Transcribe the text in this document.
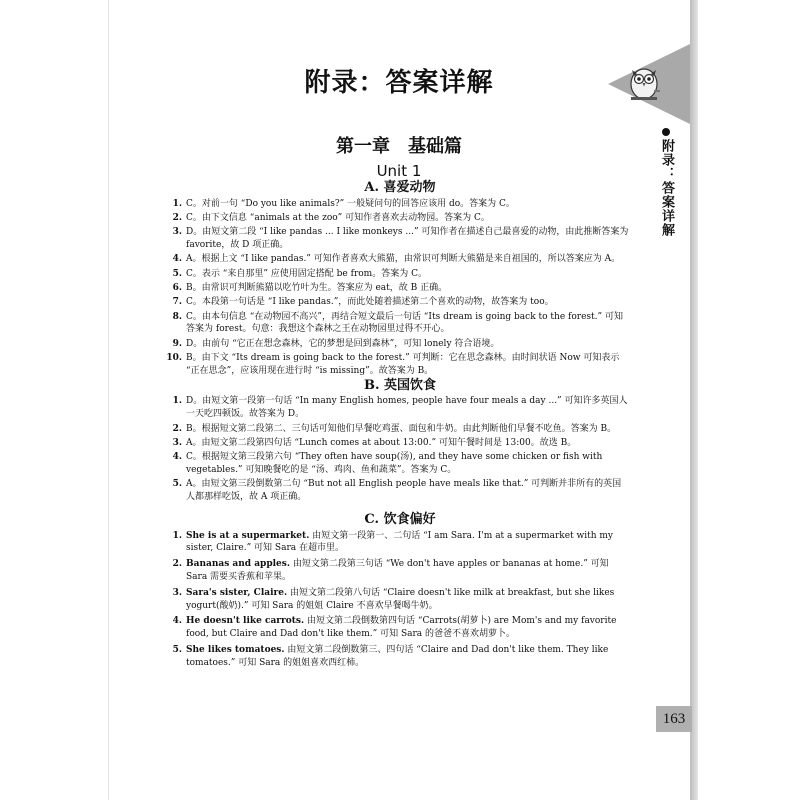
附录：答案详解
163
附录：答案详解
第一章　基础篇
Unit 1
A. 喜爱动物
1. C。对前一句 “Do you like animals?” 一般疑问句的回答应该用 do。答案为 C。
2. C。由下文信息 “animals at the zoo” 可知作者喜欢去动物园。答案为 C。
3. D。由短文第二段 “I like pandas ... I like monkeys ...” 可知作者在描述自己最喜爱的动物，由此推断答案为 favorite，故 D 项正确。
4. A。根据上文 “I like pandas.” 可知作者喜欢大熊猫，由常识可判断大熊猫是来自祖国的，所以答案应为 A。
5. C。表示 “来自那里” 应使用固定搭配 be from。答案为 C。
6. B。由常识可判断熊猫以吃竹叶为生。答案应为 eat，故 B 正确。
7. C。本段第一句话是 “I like pandas.”，而此处随着描述第二个喜欢的动物，故答案为 too。
8. C。由本句信息 “在动物园不高兴”，再结合短文最后一句话 “Its dream is going back to the forest.” 可知答案为 forest。句意：我想这个森林之王在动物园里过得不开心。
9. D。由前句 “它正在想念森林，它的梦想是回到森林”，可知 lonely 符合语境。
10. B。由下文 “Its dream is going back to the forest.” 可判断：它在思念森林。由时间状语 Now 可知表示 “正在思念”，应该用现在进行时 “is missing”。故答案为 B。
B. 英国饮食
1. D。由短文第一段第一句话 “In many English homes, people have four meals a day ...” 可知许多英国人一天吃四顿饭。故答案为 D。
2. B。根据短文第二段第二、三句话可知他们早餐吃鸡蛋、面包和牛奶。由此判断他们早餐不吃鱼。答案为 B。
3. A。由短文第二段第四句话 “Lunch comes at about 13:00.” 可知午餐时间是 13:00。故选 B。
4. C。根据短文第三段第六句 “They often have soup(汤), and they have some chicken or fish with vegetables.” 可知晚餐吃的是 “汤、鸡肉、鱼和蔬菜”。答案为 C。
5. A。由短文第三段倒数第二句 “But not all English people have meals like that.” 可判断并非所有的英国人都那样吃饭，故 A 项正确。
C. 饮食偏好
1. She is at a supermarket. 由短文第一段第一、二句话 “I am Sara. I'm at a supermarket with my sister, Claire.” 可知 Sara 在超市里。
2. Bananas and apples. 由短文第二段第三句话 “We don't have apples or bananas at home.” 可知 Sara 需要买香蕉和苹果。
3. Sara's sister, Claire. 由短文第二段第八句话 “Claire doesn't like milk at breakfast, but she likes yogurt(酸奶).” 可知 Sara 的姐姐 Claire 不喜欢早餐喝牛奶。
4. He doesn't like carrots. 由短文第二段倒数第四句话 “Carrots(胡萝卜) are Mom's and my favorite food, but Claire and Dad don't like them.” 可知 Sara 的爸爸不喜欢胡萝卜。
5. She likes tomatoes. 由短文第二段倒数第三、四句话 “Claire and Dad don't like them. They like tomatoes.” 可知 Sara 的姐姐喜欢西红柿。
